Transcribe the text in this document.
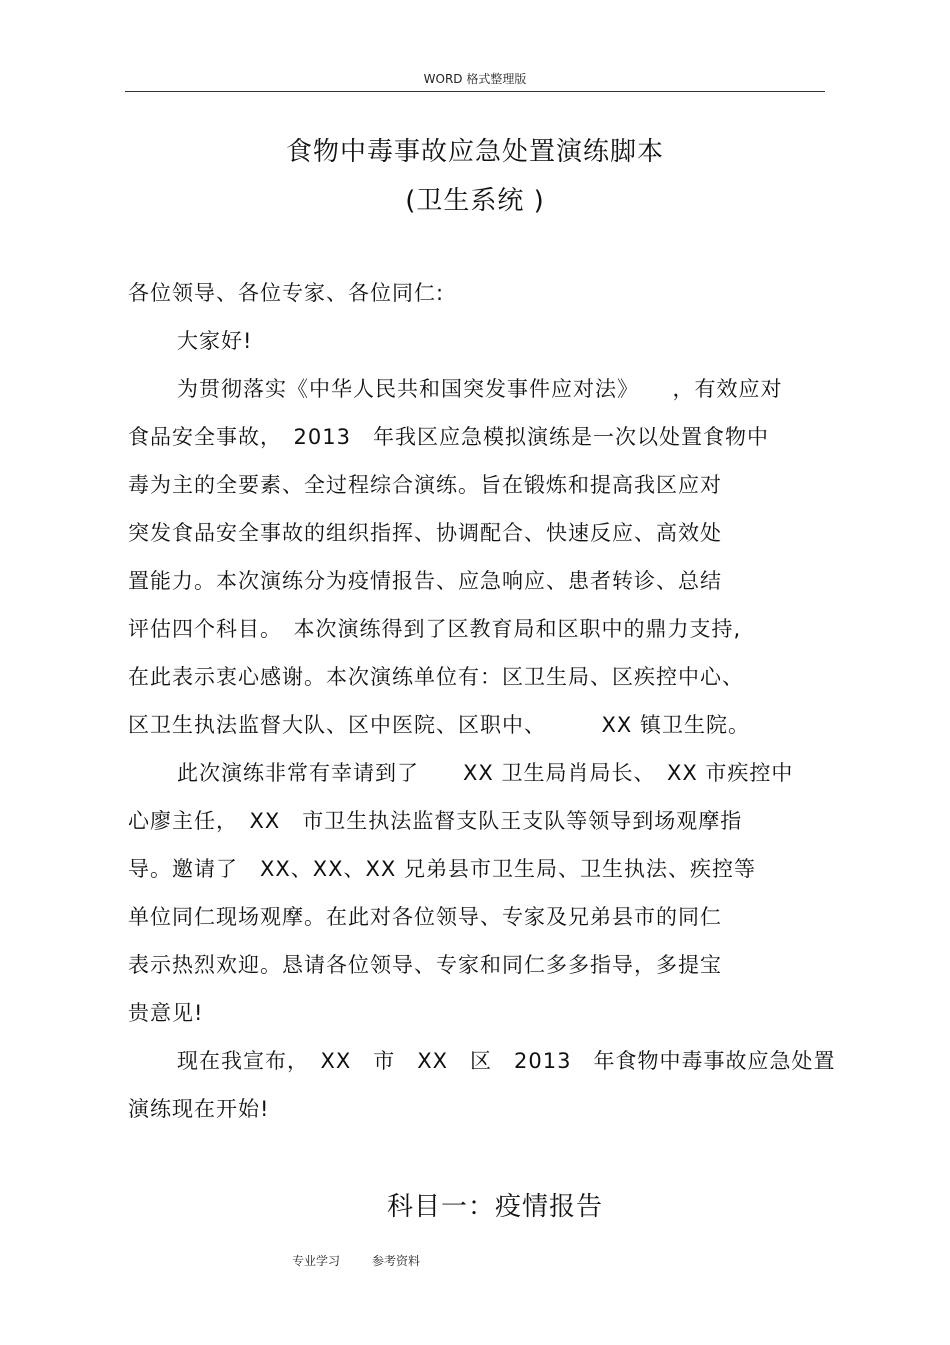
WORD 格式整理版
食物中毒事故应急处置演练脚本
(卫生系统 )
各位领导、各位专家、各位同仁:
大家好!
为贯彻落实《中华人民共和国突发事件应对法》　　，有效应对
食品安全事故，　2013　年我区应急模拟演练是一次以处置食物中
毒为主的全要素、全过程综合演练。旨在锻炼和提高我区应对
突发食品安全事故的组织指挥、协调配合、快速反应、高效处
置能力。本次演练分为疫情报告、应急响应、患者转诊、总结
评估四个科目。　本次演练得到了区教育局和区职中的鼎力支持,
在此表示衷心感谢。本次演练单位有：区卫生局、区疾控中心、
区卫生执法监督大队、区中医院、区职中、　　　XX 镇卫生院。
此次演练非常有幸请到了　　XX 卫生局肖局长、　XX 市疾控中
心廖主任，　XX　市卫生执法监督支队王支队等领导到场观摩指
导。邀请了　XX、XX、XX 兄弟县市卫生局、卫生执法、疾控等
单位同仁现场观摩。在此对各位领导、专家及兄弟县市的同仁
表示热烈欢迎。恳请各位领导、专家和同仁多多指导，多提宝
贵意见!
现在我宣布，　XX　市　XX　区　2013　年食物中毒事故应急处置
演练现在开始!
科目一：疫情报告
专业学习	参考资料
